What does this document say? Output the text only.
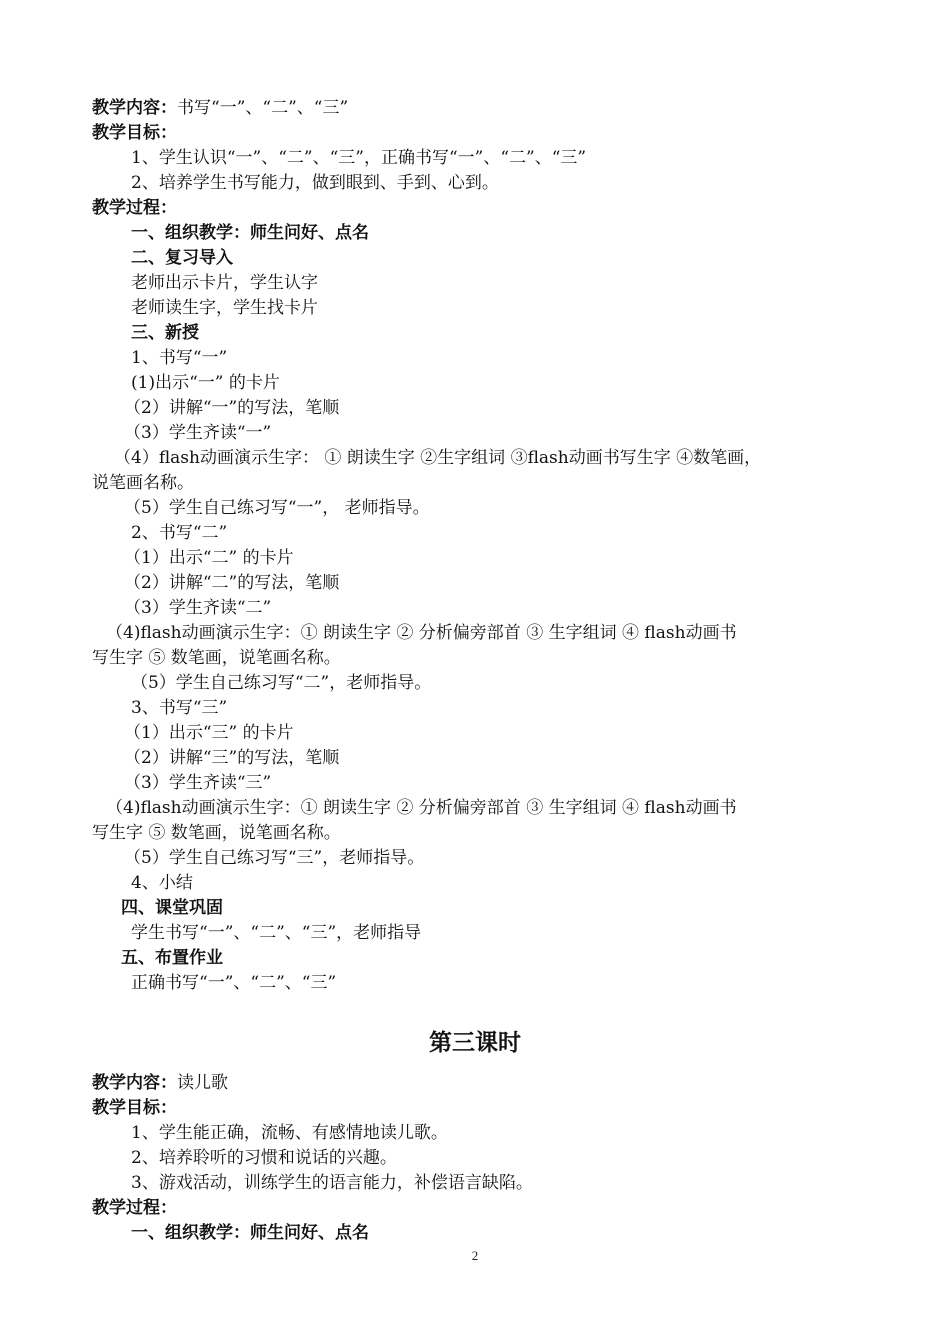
教学内容：书写“一”、“二”、“三”
教学目标：
1、学生认识“一”、“二”、“三”，正确书写“一”、“二”、“三”
2、培养学生书写能力，做到眼到、手到、心到。
教学过程：
一、组织教学：师生问好、点名
二、复习导入
老师出示卡片，学生认字
老师读生字，学生找卡片
三、新授
1、书写“一”
(1)出示“一” 的卡片
（2）讲解“一”的写法，笔顺
（3）学生齐读“一”
（4）flash动画演示生字： ① 朗读生字 ②生字组词 ③flash动画书写生字 ④数笔画，
说笔画名称。
（5）学生自己练习写“一”， 老师指导。
2、书写“二”
（1）出示“二” 的卡片
（2）讲解“二”的写法，笔顺
（3）学生齐读“二”
（4)flash动画演示生字：① 朗读生字 ② 分析偏旁部首 ③ 生字组词 ④ flash动画书
写生字 ⑤ 数笔画，说笔画名称。
（5）学生自己练习写“二”，老师指导。
3、书写“三”
（1）出示“三” 的卡片
（2）讲解“三”的写法，笔顺
（3）学生齐读“三”
（4)flash动画演示生字：① 朗读生字 ② 分析偏旁部首 ③ 生字组词 ④ flash动画书
写生字 ⑤ 数笔画，说笔画名称。
（5）学生自己练习写“三”，老师指导。
4、小结
四、课堂巩固
学生书写“一”、“二”、“三”，老师指导
五、布置作业
正确书写“一”、“二”、“三”
第三课时
教学内容：读儿歌
教学目标：
1、学生能正确，流畅、有感情地读儿歌。
2、培养聆听的习惯和说话的兴趣。
3、游戏活动，训练学生的语言能力，补偿语言缺陷。
教学过程：
一、组织教学：师生问好、点名
2
